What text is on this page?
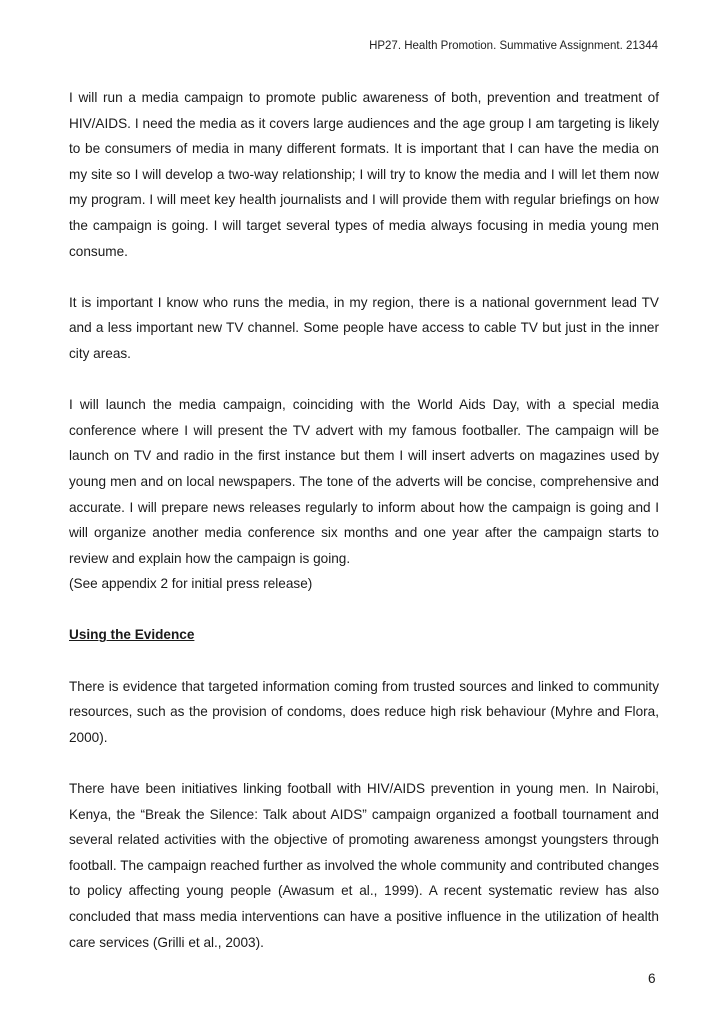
HP27. Health Promotion. Summative Assignment. 21344

I will run a media campaign to promote public awareness of both, prevention and treatment of HIV/AIDS. I need the media as it covers large audiences and the age group I am targeting is likely to be consumers of media in many different formats. It is important that I can have the media on my site so I will develop a two-way relationship; I will try to know the media and I will let them now my program. I will meet key health journalists and I will provide them with regular briefings on how the campaign is going. I will target several types of media always focusing in media young men consume.

It is important I know who runs the media, in my region, there is a national government lead TV and a less important new TV channel. Some people have access to cable TV but just in the inner city areas.

I will launch the media campaign, coinciding with the World Aids Day, with a special media conference where I will present the TV advert with my famous footballer. The campaign will be launch on TV and radio in the first instance but them I will insert adverts on magazines used by young men and on local newspapers. The tone of the adverts will be concise, comprehensive and accurate. I will prepare news releases regularly to inform about how the campaign is going and I will organize another media conference six months and one year after the campaign starts to review and explain how the campaign is going.

(See appendix 2 for initial press release)

Using the Evidence

There is evidence that targeted information coming from trusted sources and linked to community resources, such as the provision of condoms, does reduce high risk behaviour (Myhre and Flora, 2000).

There have been initiatives linking football with HIV/AIDS prevention in young men. In Nairobi, Kenya, the “Break the Silence: Talk about AIDS” campaign organized a football tournament and several related activities with the objective of promoting awareness amongst youngsters through football. The campaign reached further as involved the whole community and contributed changes to policy affecting young people (Awasum et al., 1999). A recent systematic review has also concluded that mass media interventions can have a positive influence in the utilization of health care services (Grilli et al., 2003).

6
